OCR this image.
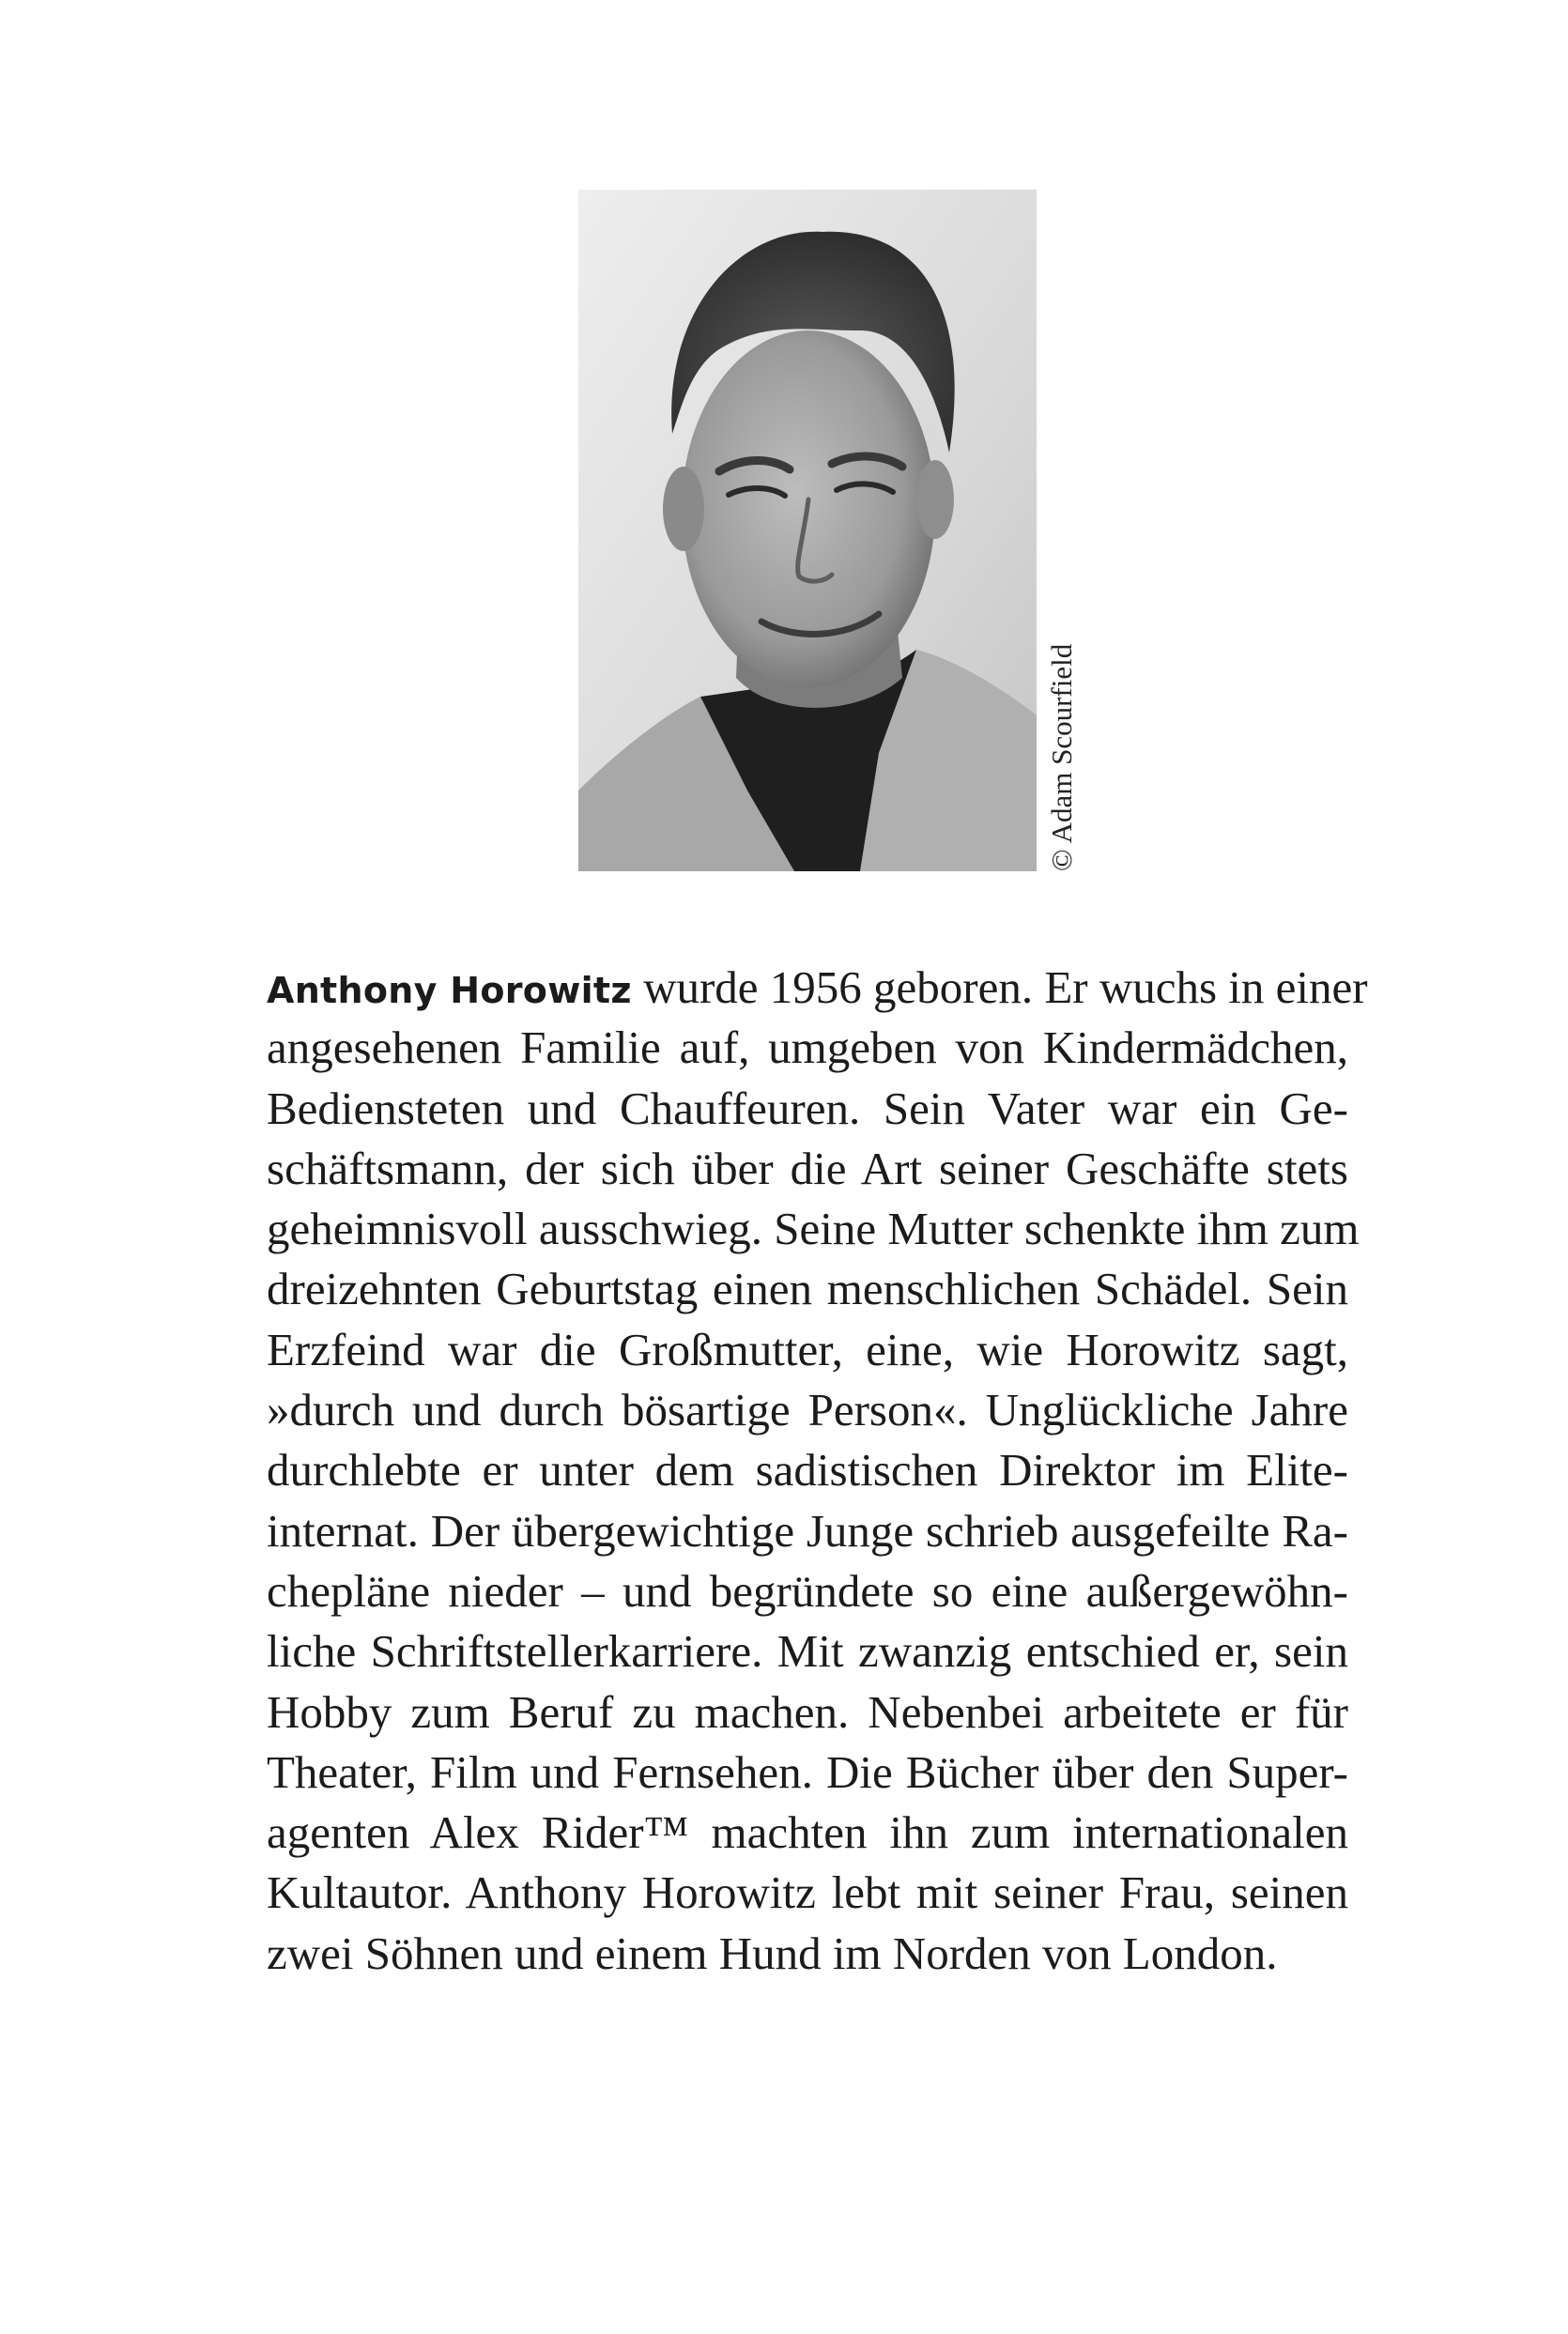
© Adam Scourfield
Anthony Horowitz wurde 1956 geboren. Er wuchs in einer
angesehenen Familie auf, umgeben von Kindermädchen,
Bediensteten und Chauffeuren. Sein Vater war ein Ge-
schäftsmann, der sich über die Art seiner Geschäfte stets
geheimnisvoll ausschwieg. Seine Mutter schenkte ihm zum
dreizehnten Geburtstag einen menschlichen Schädel. Sein
Erzfeind war die Großmutter, eine, wie Horowitz sagt,
»durch und durch bösartige Person«. Unglückliche Jahre
durchlebte er unter dem sadistischen Direktor im Elite-
internat. Der übergewichtige Junge schrieb ausgefeilte Ra-
chepläne nieder – und begründete so eine außergewöhn-
liche Schriftstellerkarriere. Mit zwanzig entschied er, sein
Hobby zum Beruf zu machen. Nebenbei arbeitete er für
Theater, Film und Fernsehen. Die Bücher über den Super-
agenten Alex Rider™ machten ihn zum internationalen
Kultautor. Anthony Horowitz lebt mit seiner Frau, seinen
zwei Söhnen und einem Hund im Norden von London.
